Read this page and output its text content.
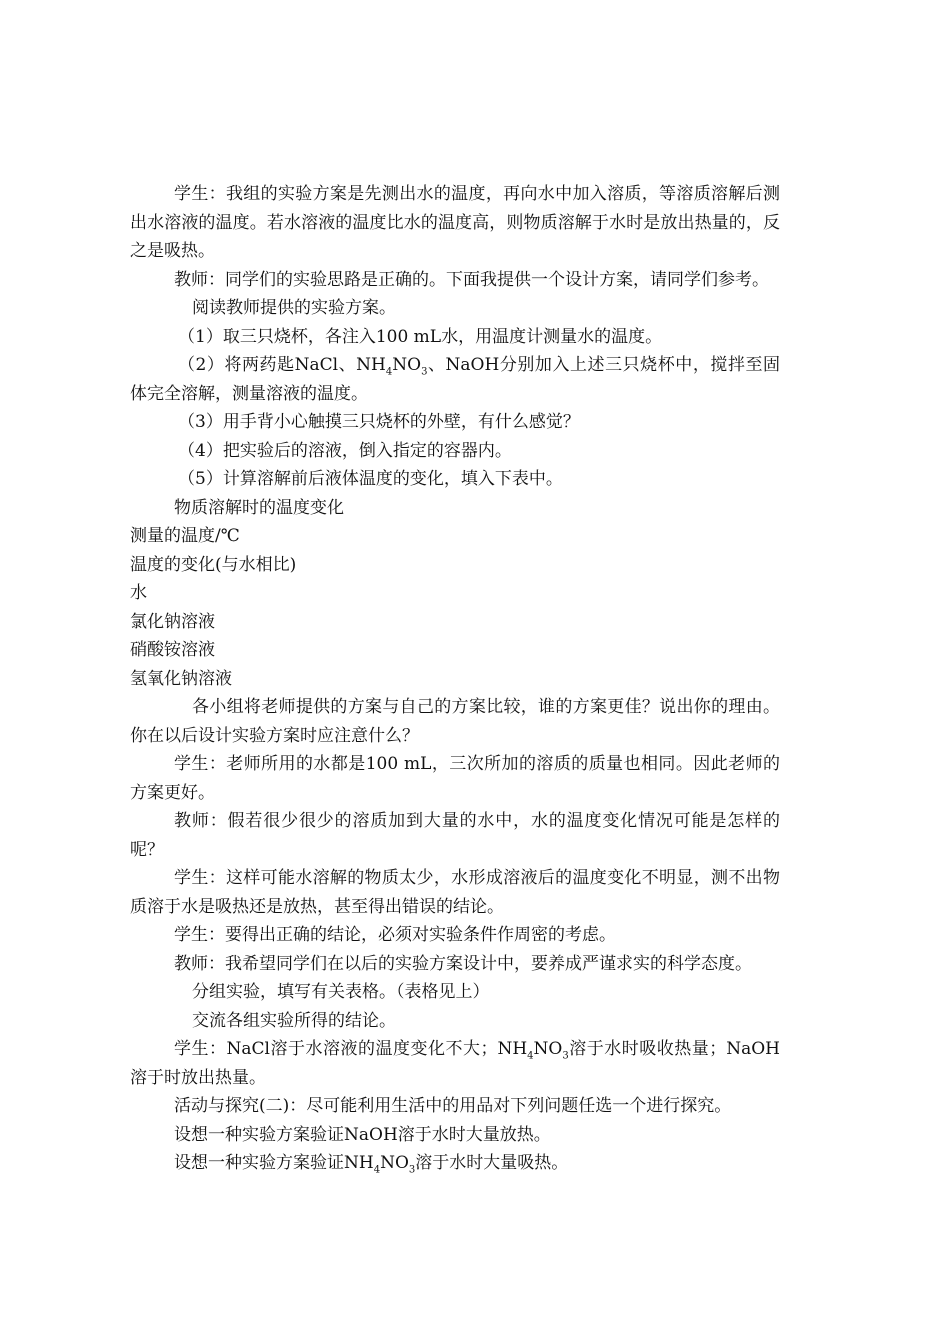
学生：我组的实验方案是先测出水的温度，再向水中加入溶质，等溶质溶解后测出水溶液的温度。若水溶液的温度比水的温度高，则物质溶解于水时是放出热量的，反之是吸热。

教师：同学们的实验思路是正确的。下面我提供一个设计方案，请同学们参考。

阅读教师提供的实验方案。

（1）取三只烧杯，各注入100 mL水，用温度计测量水的温度。

（2）将两药匙NaCl、$NH_4NO_3$、NaOH分别加入上述三只烧杯中，搅拌至固体完全溶解，测量溶液的温度。

（3）用手背小心触摸三只烧杯的外壁，有什么感觉？

（4）把实验后的溶液，倒入指定的容器内。

（5）计算溶解前后液体温度的变化，填入下表中。

物质溶解时的温度变化

测量的温度/℃

温度的变化(与水相比)

水

氯化钠溶液

硝酸铵溶液

氢氧化钠溶液

各小组将老师提供的方案与自己的方案比较，谁的方案更佳？说出你的理由。你在以后设计实验方案时应注意什么？

学生：老师所用的水都是100 mL，三次所加的溶质的质量也相同。因此老师的方案更好。

教师：假若很少很少的溶质加到大量的水中，水的温度变化情况可能是怎样的呢？

学生：这样可能水溶解的物质太少，水形成溶液后的温度变化不明显，测不出物质溶于水是吸热还是放热，甚至得出错误的结论。

学生：要得出正确的结论，必须对实验条件作周密的考虑。

教师：我希望同学们在以后的实验方案设计中，要养成严谨求实的科学态度。

分组实验，填写有关表格。（表格见上）

交流各组实验所得的结论。

学生：NaCl溶于水溶液的温度变化不大；$NH_4NO_3$溶于水时吸收热量；NaOH溶于时放出热量。

活动与探究(二)：尽可能利用生活中的用品对下列问题任选一个进行探究。

设想一种实验方案验证NaOH溶于水时大量放热。

设想一种实验方案验证$NH_4NO_3$溶于水时大量吸热。
